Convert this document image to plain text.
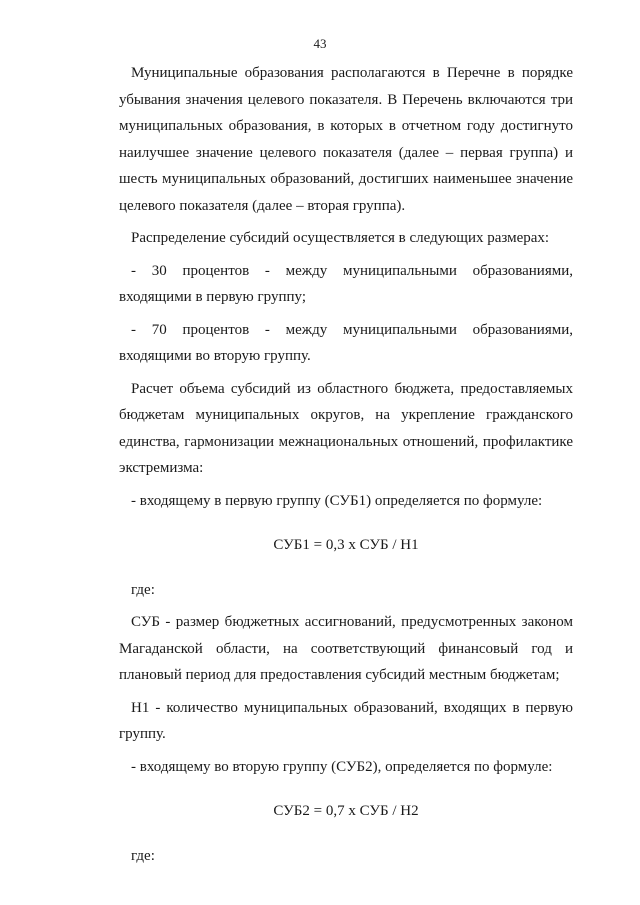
43

Муниципальные образования располагаются в Перечне в порядке убывания значения целевого показателя. В Перечень включаются три муниципальных образования, в которых в отчетном году достигнуто наилучшее значение целевого показателя (далее – первая группа) и шесть муниципальных образований, достигших наименьшее значение целевого показателя (далее – вторая группа).

Распределение субсидий осуществляется в следующих размерах:

- 30 процентов - между муниципальными образованиями, входящими в первую группу;

- 70 процентов - между муниципальными образованиями, входящими во вторую группу.

Расчет объема субсидий из областного бюджета, предоставляемых бюджетам муниципальных округов, на укрепление гражданского единства, гармонизации межнациональных отношений, профилактике экстремизма:

- входящему в первую группу (СУБ1) определяется по формуле:

СУБ1 = 0,3 х СУБ / Н1

где:

СУБ - размер бюджетных ассигнований, предусмотренных законом Магаданской области, на соответствующий финансовый год и плановый период для предоставления субсидий местным бюджетам;

Н1 - количество муниципальных образований, входящих в первую группу.

- входящему во вторую группу (СУБ2), определяется по формуле:

СУБ2 = 0,7 х СУБ / Н2

где:
